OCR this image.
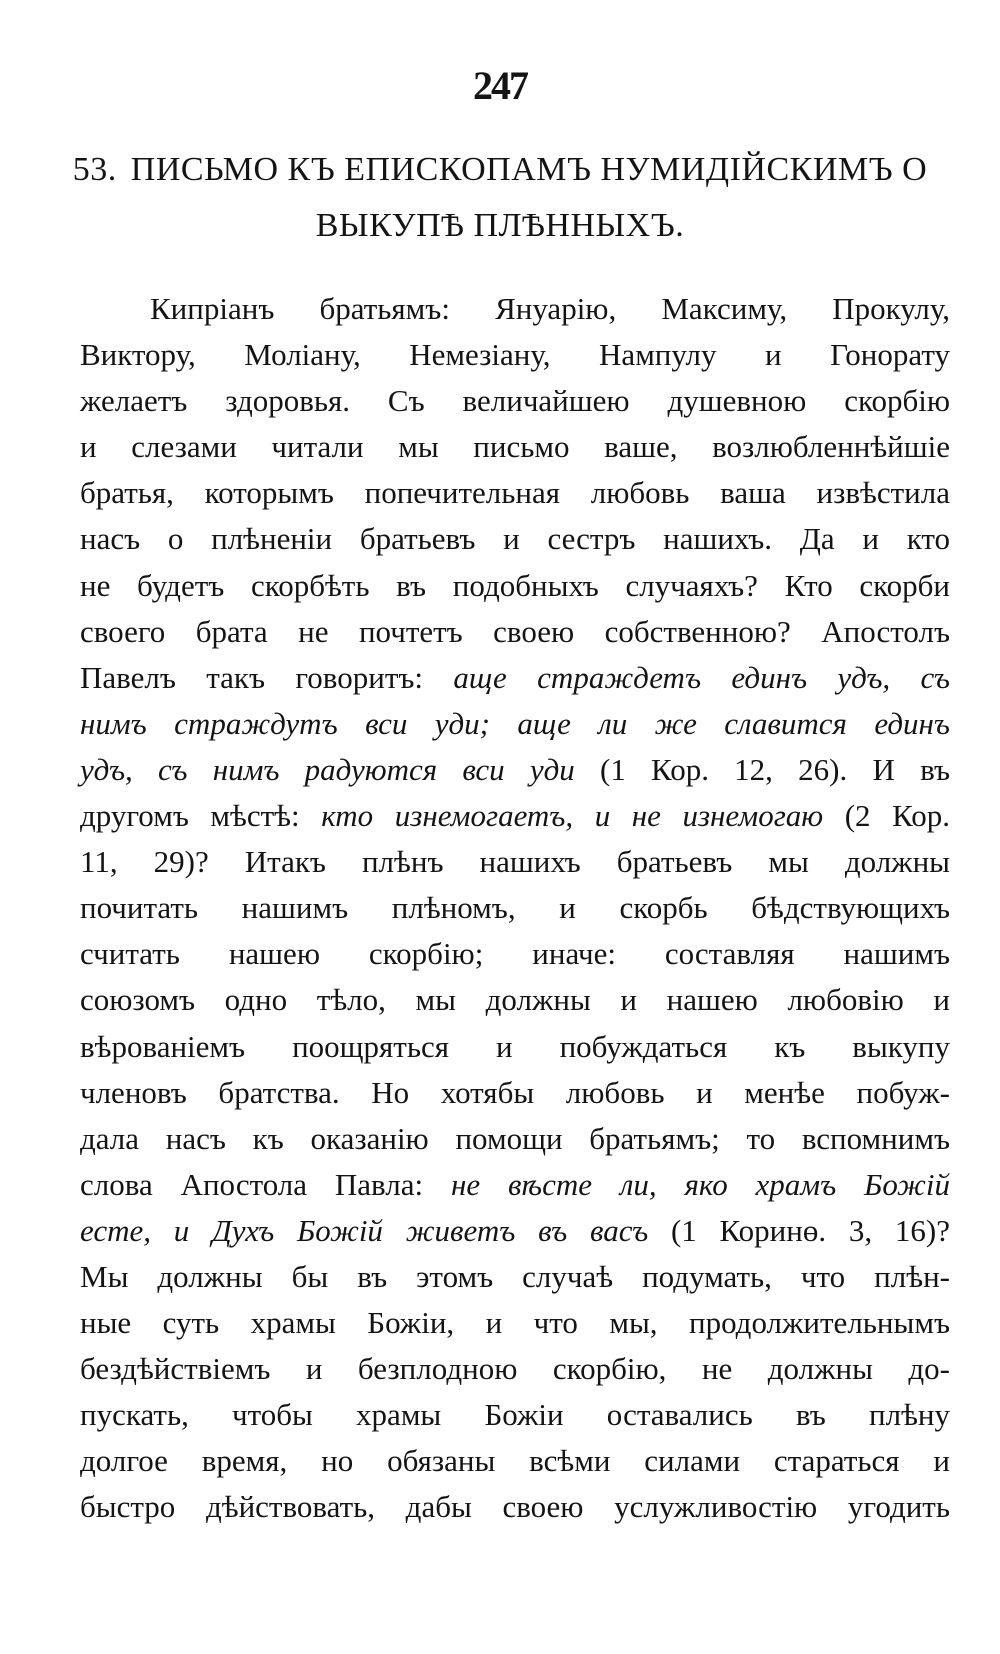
247
53. ПИСЬМО КЪ ЕПИСКОПАМЪ НУМИДІЙСКИМЪ О
ВЫКУПѢ ПЛѢННЫХЪ.
Кипріанъ братьямъ: Януарію, Максиму, Прокулу,
Виктору, Моліану, Немезіану, Нампулу и Гонорату
желаетъ здоровья. Съ величайшею душевною скорбію
и слезами читали мы письмо ваше, возлюбленнѣйшіе
братья, которымъ попечительная любовь ваша извѣстила
насъ о плѣненіи братьевъ и сестръ нашихъ. Да и кто
не будетъ скорбѣть въ подобныхъ случаяхъ? Кто скорби
своего брата не почтетъ своею собственною? Апостолъ
Павелъ такъ говоритъ: аще страждетъ единъ удъ, съ
нимъ страждутъ вси уди; аще ли же славится единъ
удъ, съ нимъ радуются вси уди (1 Кор. 12, 26). И въ
другомъ мѣстѣ: кто изнемогаетъ, и не изнемогаю (2 Кор.
11, 29)? Итакъ плѣнъ нашихъ братьевъ мы должны
почитать нашимъ плѣномъ, и скорбь бѣдствующихъ
считать нашею скорбію; иначе: составляя нашимъ
союзомъ одно тѣло, мы должны и нашею любовію и
вѣрованіемъ поощряться и побуждаться къ выкупу
членовъ братства. Но хотябы любовь и менѣе побуж-
дала насъ къ оказанію помощи братьямъ; то вспомнимъ
слова Апостола Павла: не вѣсте ли, яко храмъ Божій
есте, и Духъ Божій живетъ въ васъ (1 Коринө. 3, 16)?
Мы должны бы въ этомъ случаѣ подумать, что плѣн-
ные суть храмы Божіи, и что мы, продолжительнымъ
бездѣйствіемъ и безплодною скорбію, не должны до-
пускать, чтобы храмы Божіи оставались въ плѣну
долгое время, но обязаны всѣми силами стараться и
быстро дѣйствовать, дабы своею услужливостію угодить
